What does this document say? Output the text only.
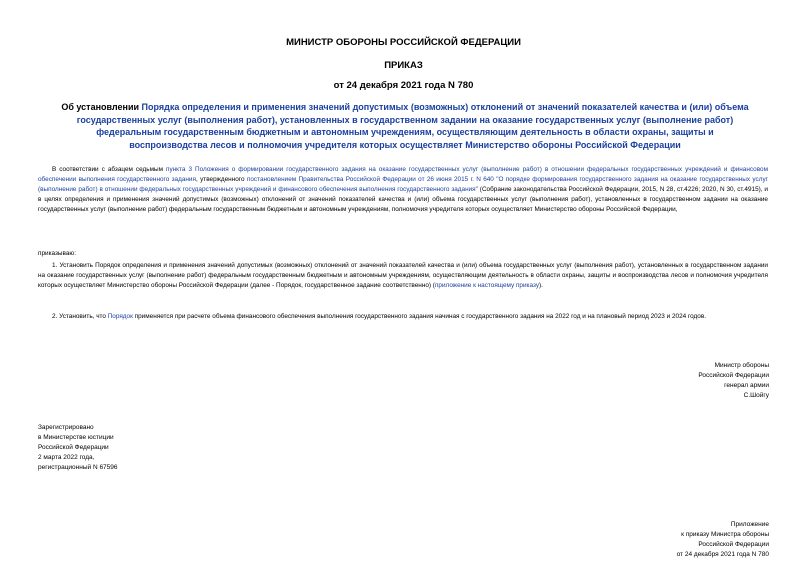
МИНИСТР ОБОРОНЫ РОССИЙСКОЙ ФЕДЕРАЦИИ
ПРИКАЗ
от 24 декабря 2021 года N 780
Об установлении Порядка определения и применения значений допустимых (возможных) отклонений от значений показателей качества и (или) объема государственных услуг (выполнения работ), установленных в государственном задании на оказание государственных услуг (выполнение работ) федеральным государственным бюджетным и автономным учреждениям, осуществляющим деятельность в области охраны, защиты и воспроизводства лесов и полномочия учредителя которых осуществляет Министерство обороны Российской Федерации
В соответствии с абзацем седьмым пункта 3 Положения о формировании государственного задания на оказание государственных услуг (выполнение работ) в отношении федеральных государственных учреждений и финансовом обеспечении выполнения государственного задания, утвержденного постановлением Правительства Российской Федерации от 26 июня 2015 г. N 640 "О порядке формирования государственного задания на оказание государственных услуг (выполнение работ) в отношении федеральных государственных учреждений и финансового обеспечения выполнения государственного задания" (Собрание законодательства Российской Федерации, 2015, N 28, ст.4226; 2020, N 30, ст.4915), и в целях определения и применения значений допустимых (возможных) отклонений от значений показателей качества и (или) объема государственных услуг (выполнения работ), установленных в государственном задании на оказание государственных услуг (выполнение работ) федеральным государственным бюджетным и автономным учреждениям, полномочия учредителя которых осуществляет Министерство обороны Российской Федерации,
приказываю:
1. Установить Порядок определения и применения значений допустимых (возможных) отклонений от значений показателей качества и (или) объема государственных услуг (выполнения работ), установленных в государственном задании на оказание государственных услуг (выполнение работ) федеральным государственным бюджетным и автономным учреждениям, осуществляющим деятельность в области охраны, защиты и воспроизводства лесов и полномочия учредителя которых осуществляет Министерство обороны Российской Федерации (далее - Порядок, государственное задание соответственно) (приложение к настоящему приказу).
2. Установить, что Порядок применяется при расчете объема финансового обеспечения выполнения государственного задания начиная с государственного задания на 2022 год и на плановый период 2023 и 2024 годов.
Министр обороны
Российской Федерации
генерал армии
С.Шойгу
Зарегистрировано
в Министерстве юстиции
Российской Федерации
2 марта 2022 года,
регистрационный N 67596
Приложение
к приказу Министра обороны
Российской Федерации
от 24 декабря 2021 года N 780
